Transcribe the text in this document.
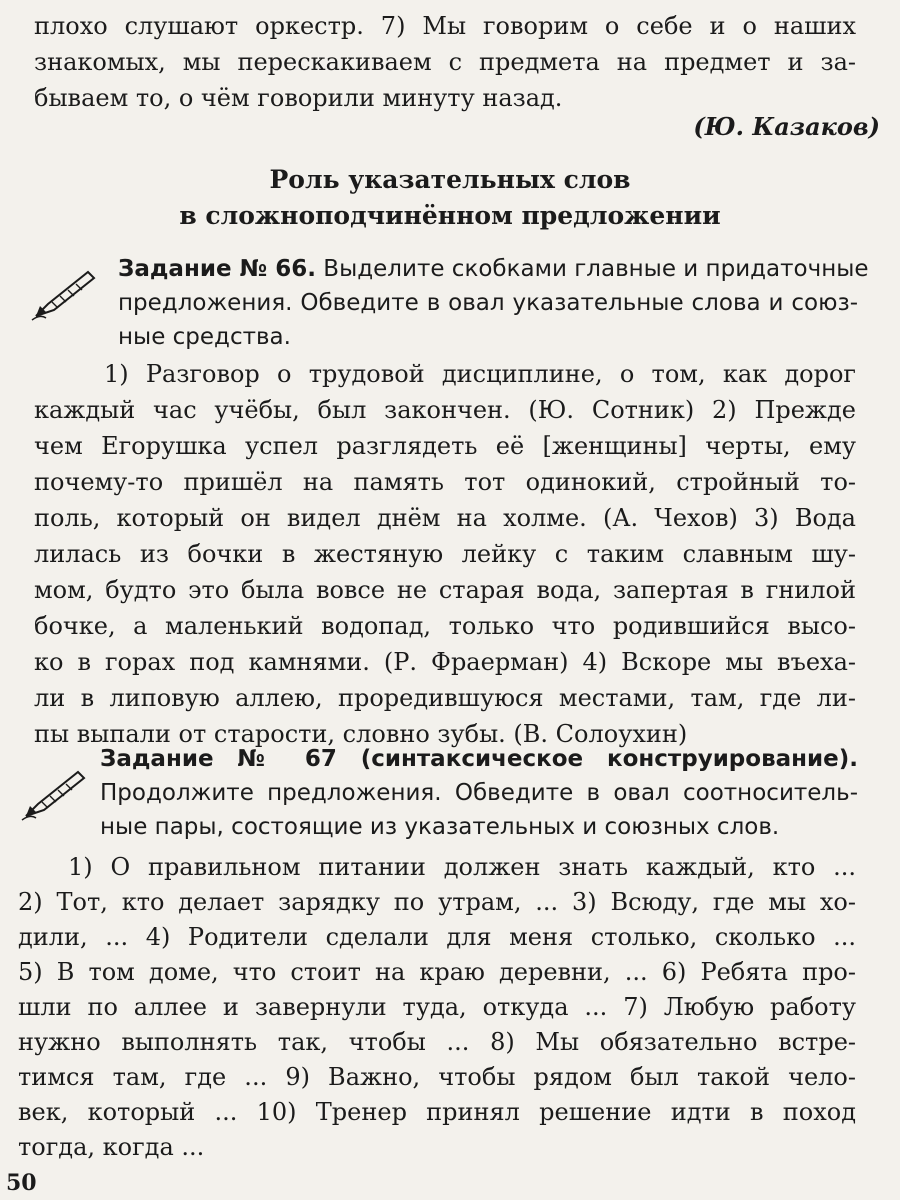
плохо слушают оркестр. 7) Мы говорим о себе и о наших
знакомых, мы перескакиваем с предмета на предмет и за-
бываем то, о чём говорили минуту назад.
(Ю. Казаков)
Роль указательных слов
в сложноподчинённом предложении
Задание № 66. Выделите скобками главные и придаточные
предложения. Обведите в овал указательные слова и союз-
ные средства.
1) Разговор о трудовой дисциплине, о том, как дорог
каждый час учёбы, был закончен. (Ю. Сотник) 2) Прежде
чем Егорушка успел разглядеть её [женщины] черты, ему
почему-то пришёл на память тот одинокий, стройный то-
поль, который он видел днём на холме. (А. Чехов) 3) Вода
лилась из бочки в жестяную лейку с таким славным шу-
мом, будто это была вовсе не старая вода, запертая в гнилой
бочке, а маленький водопад, только что родившийся высо-
ко в горах под камнями. (Р. Фраерман) 4) Вскоре мы въеха-
ли в липовую аллею, проредившуюся местами, там, где ли-
пы выпали от старости, словно зубы. (В. Солоухин)
Задание № 67 (синтаксическое конструирование).
Продолжите предложения. Обведите в овал соотноситель-
ные пары, состоящие из указательных и союзных слов.
1) О правильном питании должен знать каждый, кто ...
2) Тот, кто делает зарядку по утрам, ... 3) Всюду, где мы хо-
дили, ... 4) Родители сделали для меня столько, сколько ...
5) В том доме, что стоит на краю деревни, ... 6) Ребята про-
шли по аллее и завернули туда, откуда ... 7) Любую работу
нужно выполнять так, чтобы ... 8) Мы обязательно встре-
тимся там, где ... 9) Важно, чтобы рядом был такой чело-
век, который ... 10) Тренер принял решение идти в поход
тогда, когда ...
50
